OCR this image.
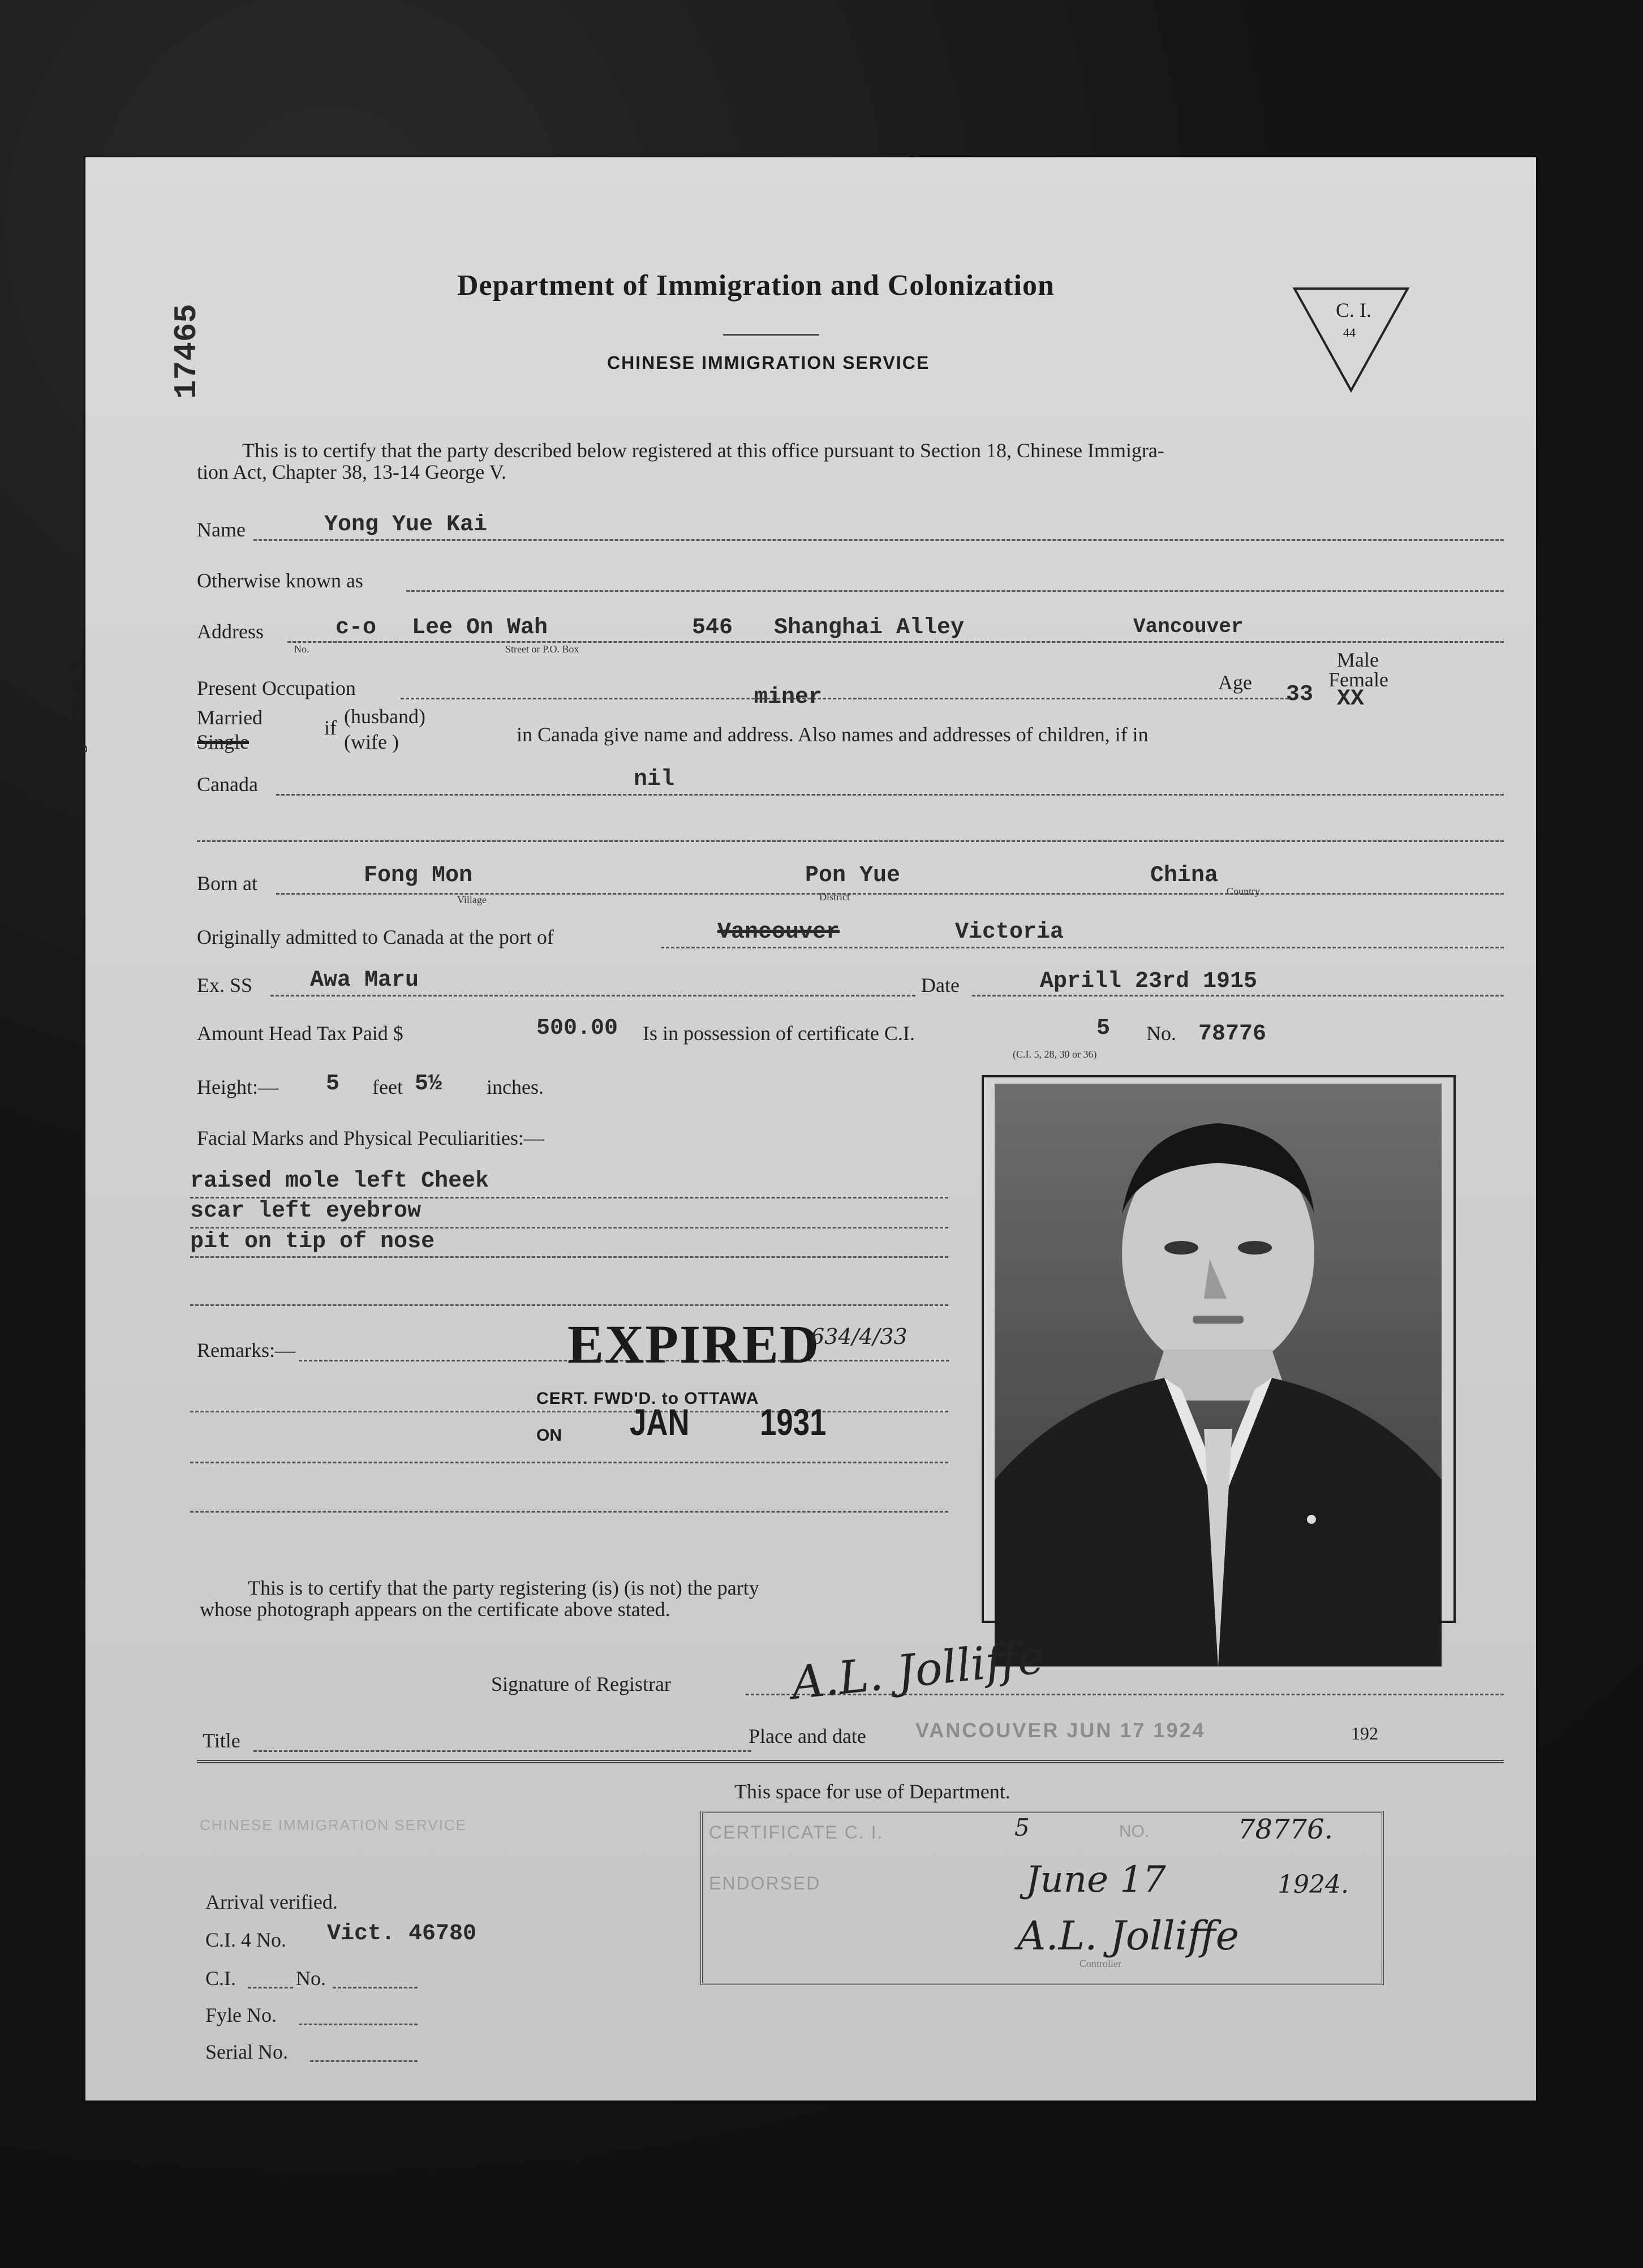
Department of Immigration and Colonization
CHINESE IMMIGRATION SERVICE
C. I.
44
Registration No.
17465
This is to certify that the party described below registered at this office pursuant to Section 18, Chinese Immigra-
tion Act, Chapter 38, 13-14 George V.
Name	Yong Yue Kai
Otherwise known as
Address	c-o
No.
Lee On Wah
Street or P.O. Box
546 Shanghai Alley	Vancouver
Present Occupation	miner
Age 33
Male
Female
XX
Married
Single
if (husband)
(wife )	in Canada give name and address. Also names and addresses of children, if in
Canada	nil
Born at	Fong Mon
Village
Pon Yue
District
China
Country
Originally admitted to Canada at the port of	Vancouver	Victoria
Ex. SS	Awa Maru	Date	Aprill 23rd 1915
Amount Head Tax Paid $	500.00 Is in possession of certificate C.I.	5 No. 78776
(C.I. 5, 28, 30 or 36)
Height:— 5 feet 5½ inches.
Facial Marks and Physical Peculiarities:—
raised mole left Cheek
scar left eyebrow
pit on tip of nose
Remarks:—	EXPIRED
634/4/33
CERT. FWD'D. to OTTAWA
ON JAN 1931
This is to certify that the party registering (is) (is not) the party
whose photograph appears on the certificate above stated.
Signature of Registrar	A.L. Jolliffe
Title	Place and date VANCOUVER JUN 17 1924	192
This space for use of Department.
CERTIFICATE C. I.	5	NO.	78776.
ENDORSED	June 17	1924.
A.L. Jolliffe
Controller
CHINESE IMMIGRATION SERVICE
Arrival verified.
C.I. 4 No. Vict. 46780
C.I.	No.
Fyle No.
Serial No.
